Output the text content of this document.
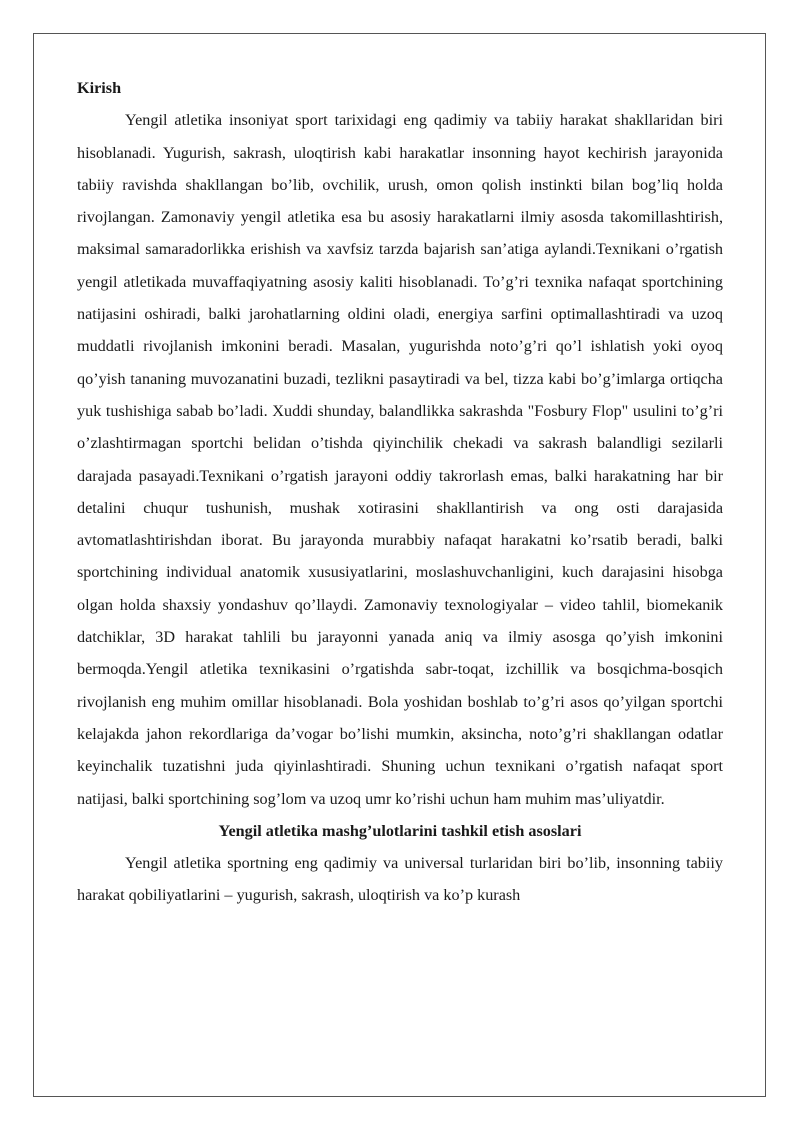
Kirish

Yengil atletika insoniyat sport tarixidagi eng qadimiy va tabiiy harakat shakllaridan biri hisoblanadi. Yugurish, sakrash, uloqtirish kabi harakatlar insonning hayot kechirish jarayonida tabiiy ravishda shakllangan bo’lib, ovchilik, urush, omon qolish instinkti bilan bog’liq holda rivojlangan. Zamonaviy yengil atletika esa bu asosiy harakatlarni ilmiy asosda takomillashtirish, maksimal samaradorlikka erishish va xavfsiz tarzda bajarish san’atiga aylandi.Texnikani o’rgatish yengil atletikada muvaffaqiyatning asosiy kaliti hisoblanadi. To’g’ri texnika nafaqat sportchining natijasini oshiradi, balki jarohatlarning oldini oladi, energiya sarfini optimallashtiradi va uzoq muddatli rivojlanish imkonini beradi. Masalan, yugurishda noto’g’ri qo’l ishlatish yoki oyoq qo’yish tananing muvozanatini buzadi, tezlikni pasaytiradi va bel, tizza kabi bo’g’imlarga ortiqcha yuk tushishiga sabab bo’ladi. Xuddi shunday, balandlikka sakrashda "Fosbury Flop" usulini to’g’ri o’zlashtirmagan sportchi belidan o’tishda qiyinchilik chekadi va sakrash balandligi sezilarli darajada pasayadi.Texnikani o’rgatish jarayoni oddiy takrorlash emas, balki harakatning har bir detalini chuqur tushunish, mushak xotirasini shakllantirish va ong osti darajasida avtomatlashtirishdan iborat. Bu jarayonda murabbiy nafaqat harakatni ko’rsatib beradi, balki sportchining individual anatomik xususiyatlarini, moslashuvchanligini, kuch darajasini hisobga olgan holda shaxsiy yondashuv qo’llaydi. Zamonaviy texnologiyalar – video tahlil, biomekanik datchiklar, 3D harakat tahlili bu jarayonni yanada aniq va ilmiy asosga qo’yish imkonini bermoqda.Yengil atletika texnikasini o’rgatishda sabr-toqat, izchillik va bosqichma-bosqich rivojlanish eng muhim omillar hisoblanadi. Bola yoshidan boshlab to’g’ri asos qo’yilgan sportchi kelajakda jahon rekordlariga da’vogar bo’lishi mumkin, aksincha, noto’g’ri shakllangan odatlar keyinchalik tuzatishni juda qiyinlashtiradi. Shuning uchun texnikani o’rgatish nafaqat sport natijasi, balki sportchining sog’lom va uzoq umr ko’rishi uchun ham muhim mas’uliyatdir.

Yengil atletika mashg’ulotlarini tashkil etish asoslari

Yengil atletika sportning eng qadimiy va universal turlaridan biri bo’lib, insonning tabiiy harakat qobiliyatlarini – yugurish, sakrash, uloqtirish va ko’p kurash
